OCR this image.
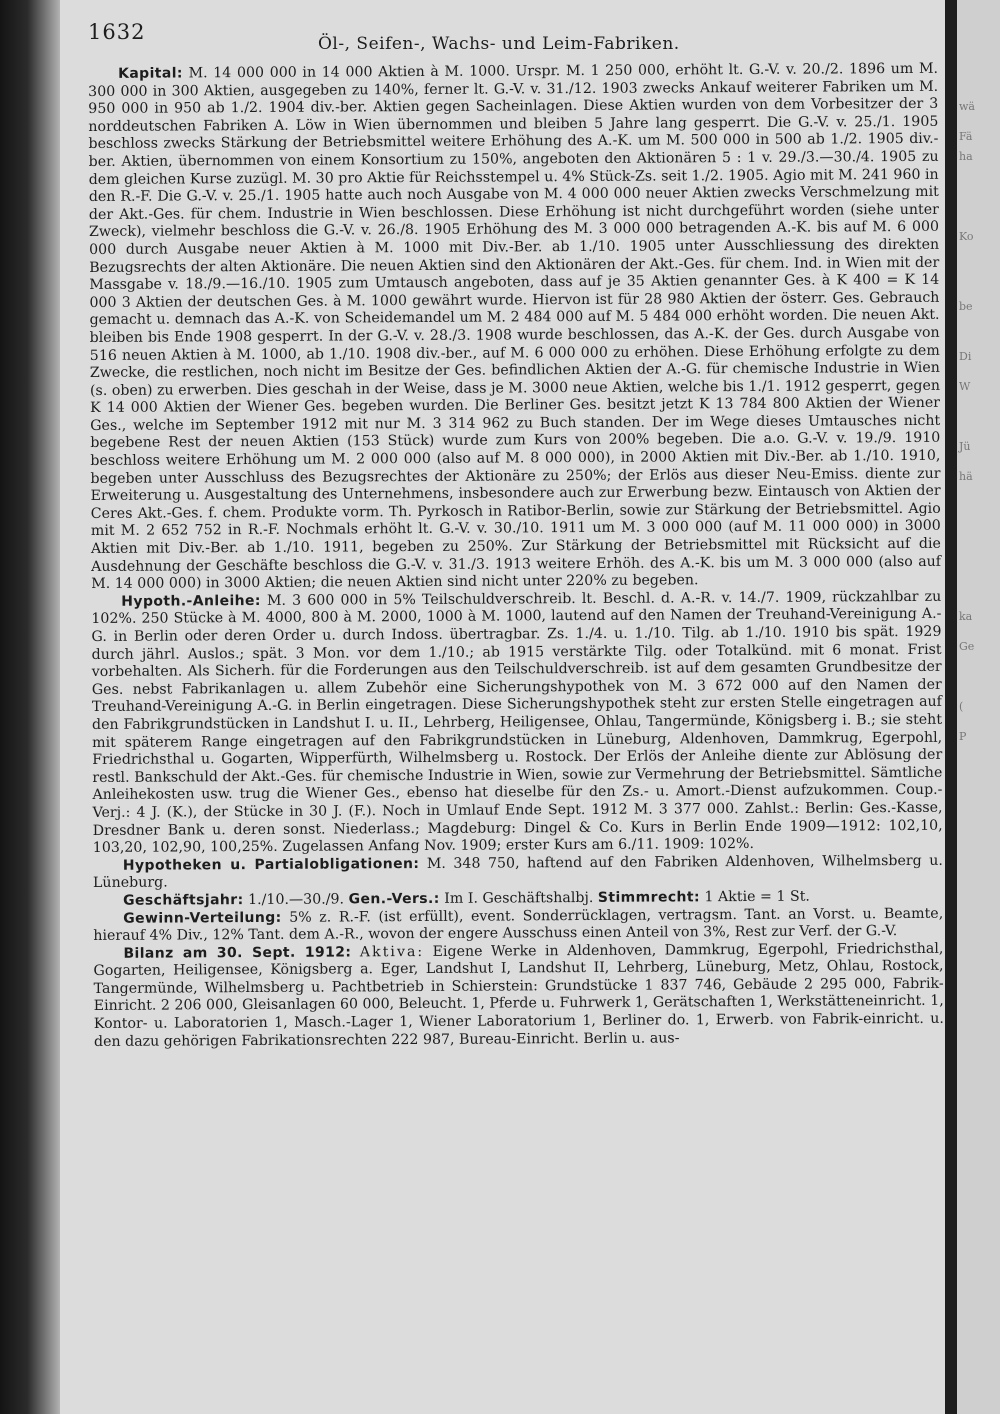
1632	Öl-, Seifen-, Wachs- und Leim-Fabriken.

Kapital: M. 14 000 000 in 14 000 Aktien à M. 1000. Urspr. M. 1 250 000, erhöht lt. G.-V. v. 20./2. 1896 um M. 300 000 in 300 Aktien, ausgegeben zu 140%, ferner lt. G.-V. v. 31./12. 1903 zwecks Ankauf weiterer Fabriken um M. 950 000 in 950 ab 1./2. 1904 div.-ber. Aktien gegen Sacheinlagen. Diese Aktien wurden von dem Vorbesitzer der 3 norddeutschen Fabriken A. Löw in Wien übernommen und bleiben 5 Jahre lang gesperrt. Die G.-V. v. 25./1. 1905 beschloss zwecks Stärkung der Betriebsmittel weitere Erhöhung des A.-K. um M. 500 000 in 500 ab 1./2. 1905 div.-ber. Aktien, übernommen von einem Konsortium zu 150%, angeboten den Aktionären 5 : 1 v. 29./3.—30./4. 1905 zu dem gleichen Kurse zuzügl. M. 30 pro Aktie für Reichsstempel u. 4% Stück-Zs. seit 1./2. 1905. Agio mit M. 241 960 in den R.-F. Die G.-V. v. 25./1. 1905 hatte auch noch Ausgabe von M. 4 000 000 neuer Aktien zwecks Verschmelzung mit der Akt.-Ges. für chem. Industrie in Wien beschlossen. Diese Erhöhung ist nicht durchgeführt worden (siehe unter Zweck), vielmehr beschloss die G.-V. v. 26./8. 1905 Erhöhung des M. 3 000 000 betragenden A.-K. bis auf M. 6 000 000 durch Ausgabe neuer Aktien à M. 1000 mit Div.-Ber. ab 1./10. 1905 unter Ausschliessung des direkten Bezugsrechts der alten Aktionäre. Die neuen Aktien sind den Aktionären der Akt.-Ges. für chem. Ind. in Wien mit der Massgabe v. 18./9.—16./10. 1905 zum Umtausch angeboten, dass auf je 35 Aktien genannter Ges. à K 400 = K 14 000 3 Aktien der deutschen Ges. à M. 1000 gewährt wurde. Hiervon ist für 28 980 Aktien der österr. Ges. Gebrauch gemacht u. demnach das A.-K. von Scheidemandel um M. 2 484 000 auf M. 5 484 000 erhöht worden. Die neuen Akt. bleiben bis Ende 1908 gesperrt. In der G.-V. v. 28./3. 1908 wurde beschlossen, das A.-K. der Ges. durch Ausgabe von 516 neuen Aktien à M. 1000, ab 1./10. 1908 div.-ber., auf M. 6 000 000 zu erhöhen. Diese Erhöhung erfolgte zu dem Zwecke, die restlichen, noch nicht im Besitze der Ges. befindlichen Aktien der A.-G. für chemische Industrie in Wien (s. oben) zu erwerben. Dies geschah in der Weise, dass je M. 3000 neue Aktien, welche bis 1./1. 1912 gesperrt, gegen K 14 000 Aktien der Wiener Ges. begeben wurden. Die Berliner Ges. besitzt jetzt K 13 784 800 Aktien der Wiener Ges., welche im September 1912 mit nur M. 3 314 962 zu Buch standen. Der im Wege dieses Umtausches nicht begebene Rest der neuen Aktien (153 Stück) wurde zum Kurs von 200% begeben. Die a.o. G.-V. v. 19./9. 1910 beschloss weitere Erhöhung um M. 2 000 000 (also auf M. 8 000 000), in 2000 Aktien mit Div.-Ber. ab 1./10. 1910, begeben unter Ausschluss des Bezugsrechtes der Aktionäre zu 250%; der Erlös aus dieser Neu-Emiss. diente zur Erweiterung u. Ausgestaltung des Unternehmens, insbesondere auch zur Erwerbung bezw. Eintausch von Aktien der Ceres Akt.-Ges. f. chem. Produkte vorm. Th. Pyrkosch in Ratibor-Berlin, sowie zur Stärkung der Betriebsmittel. Agio mit M. 2 652 752 in R.-F. Nochmals erhöht lt. G.-V. v. 30./10. 1911 um M. 3 000 000 (auf M. 11 000 000) in 3000 Aktien mit Div.-Ber. ab 1./10. 1911, begeben zu 250%. Zur Stärkung der Betriebsmittel mit Rücksicht auf die Ausdehnung der Geschäfte beschloss die G.-V. v. 31./3. 1913 weitere Erhöh. des A.-K. bis um M. 3 000 000 (also auf M. 14 000 000) in 3000 Aktien; die neuen Aktien sind nicht unter 220% zu begeben.

Hypoth.-Anleihe: M. 3 600 000 in 5% Teilschuldverschreib. lt. Beschl. d. A.-R. v. 14./7. 1909, rückzahlbar zu 102%. 250 Stücke à M. 4000, 800 à M. 2000, 1000 à M. 1000, lautend auf den Namen der Treuhand-Vereinigung A.-G. in Berlin oder deren Order u. durch Indoss. übertragbar. Zs. 1./4. u. 1./10. Tilg. ab 1./10. 1910 bis spät. 1929 durch jährl. Auslos.; spät. 3 Mon. vor dem 1./10.; ab 1915 verstärkte Tilg. oder Totalkünd. mit 6 monat. Frist vorbehalten. Als Sicherh. für die Forderungen aus den Teilschuldverschreib. ist auf dem gesamten Grundbesitze der Ges. nebst Fabrikanlagen u. allem Zubehör eine Sicherungshypothek von M. 3 672 000 auf den Namen der Treuhand-Vereinigung A.-G. in Berlin eingetragen. Diese Sicherungshypothek steht zur ersten Stelle eingetragen auf den Fabrikgrundstücken in Landshut I. u. II., Lehrberg, Heiligensee, Ohlau, Tangermünde, Königsberg i. B.; sie steht mit späterem Range eingetragen auf den Fabrikgrundstücken in Lüneburg, Aldenhoven, Dammkrug, Egerpohl, Friedrichsthal u. Gogarten, Wipperfürth, Wilhelmsberg u. Rostock. Der Erlös der Anleihe diente zur Ablösung der restl. Bankschuld der Akt.-Ges. für chemische Industrie in Wien, sowie zur Vermehrung der Betriebsmittel. Sämtliche Anleihekosten usw. trug die Wiener Ges., ebenso hat dieselbe für den Zs.- u. Amort.-Dienst aufzukommen. Coup.-Verj.: 4 J. (K.), der Stücke in 30 J. (F.). Noch in Umlauf Ende Sept. 1912 M. 3 377 000. Zahlst.: Berlin: Ges.-Kasse, Dresdner Bank u. deren sonst. Niederlass.; Magdeburg: Dingel & Co. Kurs in Berlin Ende 1909—1912: 102,10, 103,20, 102,90, 100,25%. Zugelassen Anfang Nov. 1909; erster Kurs am 6./11. 1909: 102%.

Hypotheken u. Partialobligationen: M. 348 750, haftend auf den Fabriken Aldenhoven, Wilhelmsberg u. Lüneburg.

Geschäftsjahr: 1./10.—30./9. Gen.-Vers.: Im I. Geschäftshalbj. Stimmrecht: 1 Aktie = 1 St.

Gewinn-Verteilung: 5% z. R.-F. (ist erfüllt), event. Sonderrücklagen, vertragsm. Tant. an Vorst. u. Beamte, hierauf 4% Div., 12% Tant. dem A.-R., wovon der engere Ausschuss einen Anteil von 3%, Rest zur Verf. der G.-V.

Bilanz am 30. Sept. 1912: Aktiva: Eigene Werke in Aldenhoven, Dammkrug, Egerpohl, Friedrichsthal, Gogarten, Heiligensee, Königsberg a. Eger, Landshut I, Landshut II, Lehrberg, Lüneburg, Metz, Ohlau, Rostock, Tangermünde, Wilhelmsberg u. Pachtbetrieb in Schierstein: Grundstücke 1 837 746, Gebäude 2 295 000, Fabrik-Einricht. 2 206 000, Gleisanlagen 60 000, Beleucht. 1, Pferde u. Fuhrwerk 1, Gerätschaften 1, Werkstätteneinricht. 1, Kontor- u. Laboratorien 1, Masch.-Lager 1, Wiener Laboratorium 1, Berliner do. 1, Erwerb. von Fabrik-einricht. u. den dazu gehörigen Fabrikationsrechten 222 987, Bureau-Einricht. Berlin u. aus-

wä
Fä
ha
Ko
be
Di
W
Jü
hä
ka
Ge
(
P
